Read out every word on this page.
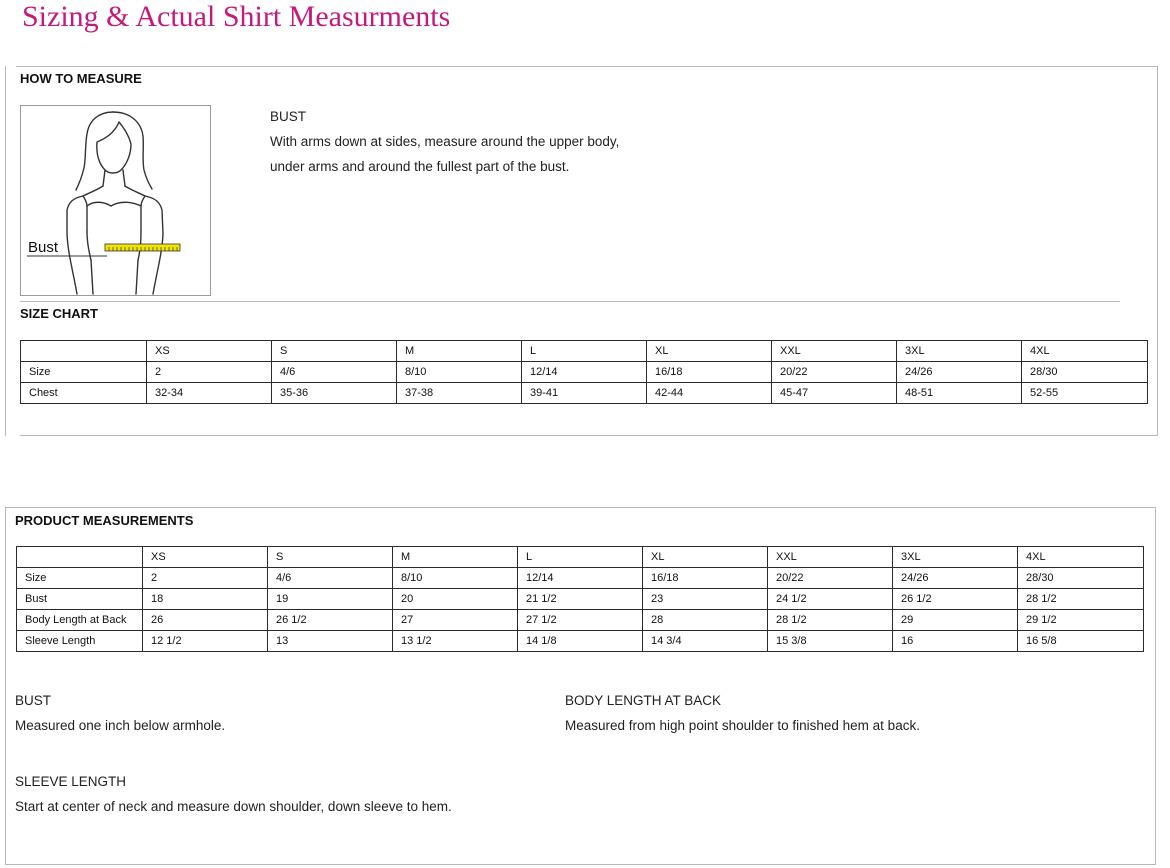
Sizing & Actual Shirt Measurments
HOW TO MEASURE
Bust
BUST
With arms down at sides, measure around the upper body,
under arms and around the fullest part of the bust.
SIZE CHART
	XS	S	M	L	XL	XXL	3XL	4XL
Size	2	4/6	8/10	12/14	16/18	20/22	24/26	28/30
Chest	32-34	35-36	37-38	39-41	42-44	45-47	48-51	52-55
PRODUCT MEASUREMENTS
	XS	S	M	L	XL	XXL	3XL	4XL
Size	2	4/6	8/10	12/14	16/18	20/22	24/26	28/30
Bust	18	19	20	21 1/2	23	24 1/2	26 1/2	28 1/2
Body Length at Back	26	26 1/2	27	27 1/2	28	28 1/2	29	29 1/2
Sleeve Length	12 1/2	13	13 1/2	14 1/8	14 3/4	15 3/8	16	16 5/8
BUST
Measured one inch below armhole.
BODY LENGTH AT BACK
Measured from high point shoulder to finished hem at back.
SLEEVE LENGTH
Start at center of neck and measure down shoulder, down sleeve to hem.
